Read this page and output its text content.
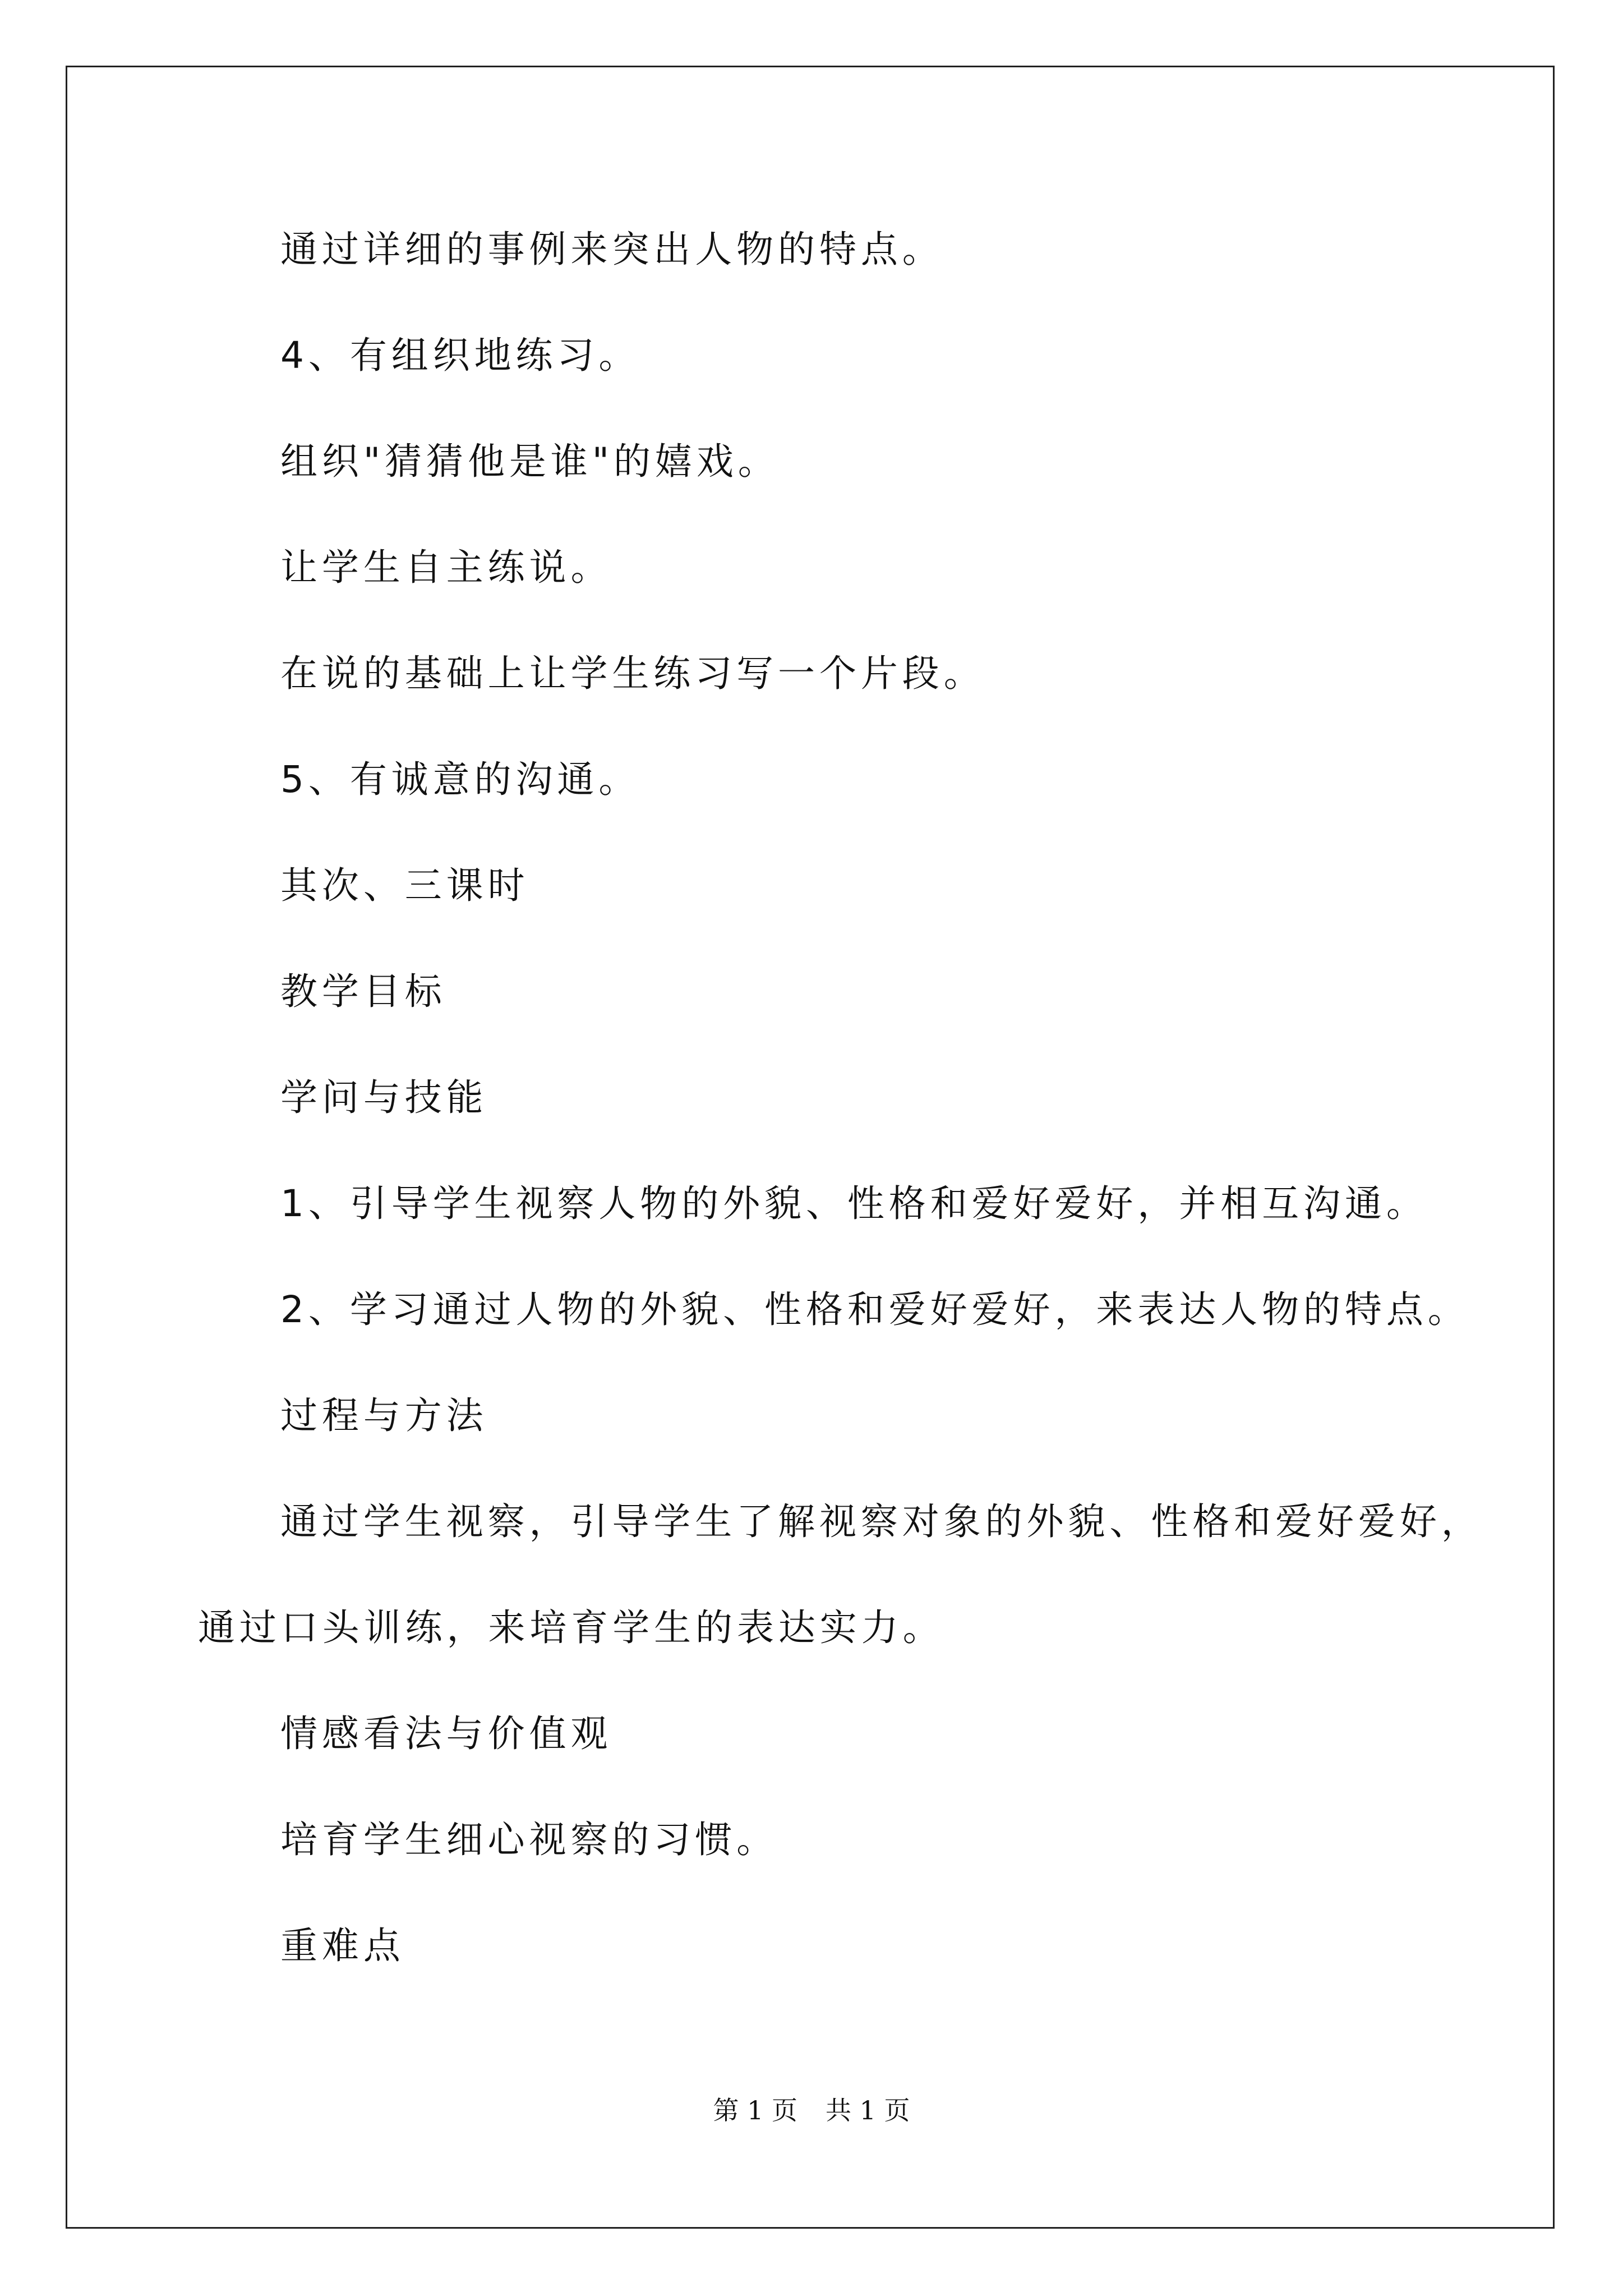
通过详细的事例来突出人物的特点。

4、有组织地练习。

组织"猜猜他是谁"的嬉戏。

让学生自主练说。

在说的基础上让学生练习写一个片段。

5、有诚意的沟通。

其次、三课时

教学目标

学问与技能

1、引导学生视察人物的外貌、性格和爱好爱好，并相互沟通。

2、学习通过人物的外貌、性格和爱好爱好，来表达人物的特点。

过程与方法

通过学生视察，引导学生了解视察对象的外貌、性格和爱好爱好，

通过口头训练，来培育学生的表达实力。

情感看法与价值观

培育学生细心视察的习惯。

重难点

第 1 页 共 1 页
